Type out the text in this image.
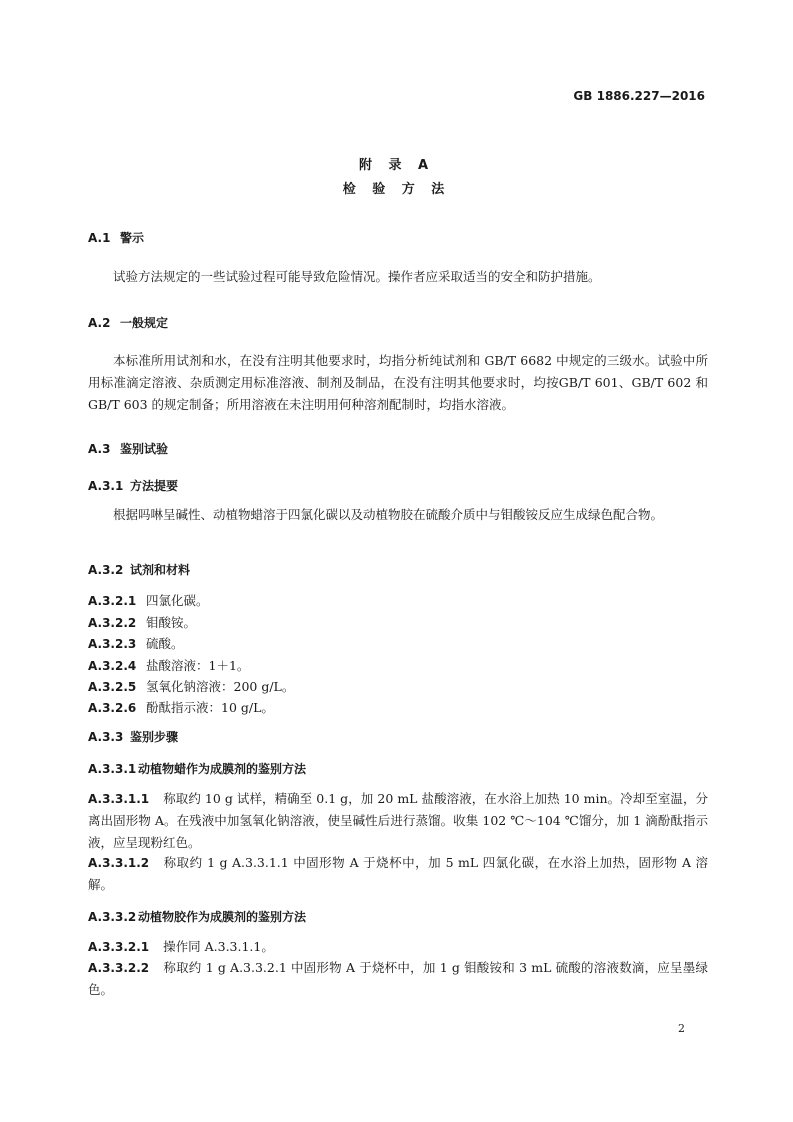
GB 1886.227—2016
附 录 A
检 验 方 法
A.1 警示
试验方法规定的一些试验过程可能导致危险情况。操作者应采取适当的安全和防护措施。
A.2 一般规定
本标准所用试剂和水，在没有注明其他要求时，均指分析纯试剂和 GB/T 6682 中规定的三级水。试验中所用标准滴定溶液、杂质测定用标准溶液、制剂及制品，在没有注明其他要求时，均按GB/T 601、GB/T 602 和 GB/T 603 的规定制备；所用溶液在未注明用何种溶剂配制时，均指水溶液。
A.3 鉴别试验
A.3.1 方法提要
根据吗啉呈碱性、动植物蜡溶于四氯化碳以及动植物胶在硫酸介质中与钼酸铵反应生成绿色配合物。
A.3.2 试剂和材料
A.3.2.1 四氯化碳。
A.3.2.2 钼酸铵。
A.3.2.3 硫酸。
A.3.2.4 盐酸溶液：1＋1。
A.3.2.5 氢氧化钠溶液：200 g/L。
A.3.2.6 酚酞指示液：10 g/L。
A.3.3 鉴别步骤
A.3.3.1 动植物蜡作为成膜剂的鉴别方法
A.3.3.1.1 称取约 10 g 试样，精确至 0.1 g，加 20 mL 盐酸溶液，在水浴上加热 10 min。冷却至室温，分离出固形物 A。在残液中加氢氧化钠溶液，使呈碱性后进行蒸馏。收集 102 ℃～104 ℃馏分，加 1 滴酚酞指示液，应呈现粉红色。
A.3.3.1.2 称取约 1 g A.3.3.1.1 中固形物 A 于烧杯中，加 5 mL 四氯化碳，在水浴上加热，固形物 A 溶解。
A.3.3.2 动植物胶作为成膜剂的鉴别方法
A.3.3.2.1 操作同 A.3.3.1.1。
A.3.3.2.2 称取约 1 g A.3.3.2.1 中固形物 A 于烧杯中，加 1 g 钼酸铵和 3 mL 硫酸的溶液数滴，应呈墨绿色。
2
